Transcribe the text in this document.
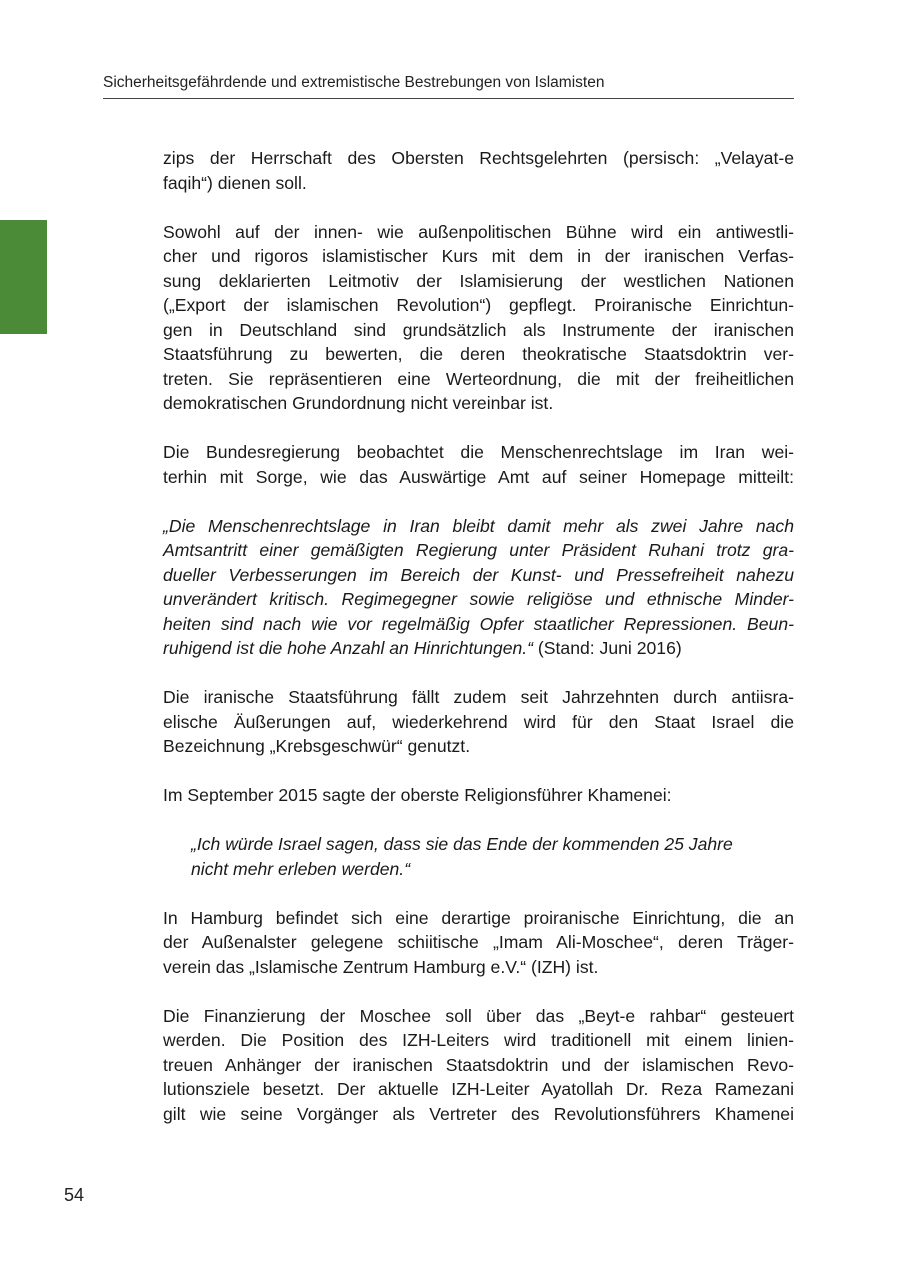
Sicherheitsgefährdende und extremistische Bestrebungen von Islamisten

zips der Herrschaft des Obersten Rechtsgelehrten (persisch: „Velayat-e
faqih“) dienen soll.

Sowohl auf der innen- wie außenpolitischen Bühne wird ein antiwestli-
cher und rigoros islamistischer Kurs mit dem in der iranischen Verfas-
sung deklarierten Leitmotiv der Islamisierung der westlichen Nationen
(„Export der islamischen Revolution“) gepflegt. Proiranische Einrichtun-
gen in Deutschland sind grundsätzlich als Instrumente der iranischen
Staatsführung zu bewerten, die deren theokratische Staatsdoktrin ver-
treten. Sie repräsentieren eine Werteordnung, die mit der freiheitlichen
demokratischen Grundordnung nicht vereinbar ist.

Die Bundesregierung beobachtet die Menschenrechtslage im Iran wei-
terhin mit Sorge, wie das Auswärtige Amt auf seiner Homepage mitteilt:

„Die Menschenrechtslage in Iran bleibt damit mehr als zwei Jahre nach
Amtsantritt einer gemäßigten Regierung unter Präsident Ruhani trotz gra-
dueller Verbesserungen im Bereich der Kunst- und Pressefreiheit nahezu
unverändert kritisch. Regimegegner sowie religiöse und ethnische Minder-
heiten sind nach wie vor regelmäßig Opfer staatlicher Repressionen. Beun-
ruhigend ist die hohe Anzahl an Hinrichtungen.“ (Stand: Juni 2016)

Die iranische Staatsführung fällt zudem seit Jahrzehnten durch antiisra-
elische Äußerungen auf, wiederkehrend wird für den Staat Israel die
Bezeichnung „Krebsgeschwür“ genutzt.

Im September 2015 sagte der oberste Religionsführer Khamenei:

„Ich würde Israel sagen, dass sie das Ende der kommenden 25 Jahre
nicht mehr erleben werden.“

In Hamburg befindet sich eine derartige proiranische Einrichtung, die an
der Außenalster gelegene schiitische „Imam Ali-Moschee“, deren Träger-
verein das „Islamische Zentrum Hamburg e.V.“ (IZH) ist.

Die Finanzierung der Moschee soll über das „Beyt-e rahbar“ gesteuert
werden. Die Position des IZH-Leiters wird traditionell mit einem linien-
treuen Anhänger der iranischen Staatsdoktrin und der islamischen Revo-
lutionsziele besetzt. Der aktuelle IZH-Leiter Ayatollah Dr. Reza Ramezani
gilt wie seine Vorgänger als Vertreter des Revolutionsführers Khamenei

54
